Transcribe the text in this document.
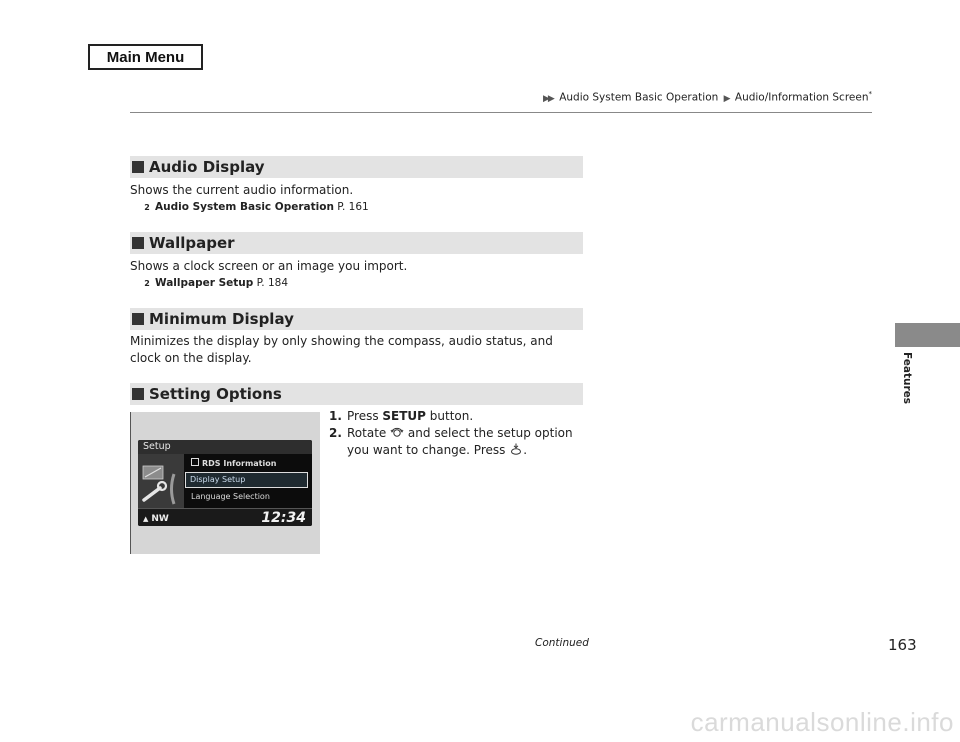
Main Menu
▶▶ Audio System Basic Operation ▶ Audio/Information Screen*
Audio Display
Shows the current audio information.
2 Audio System Basic Operation P. 161
Wallpaper
Shows a clock screen or an image you import.
2 Wallpaper Setup P. 184
Minimum Display
Minimizes the display by only showing the compass, audio status, and clock on the display.
Setting Options
1. Press SETUP button.
2. Rotate  and select the setup option you want to change. Press .
Setup
RDS Information
Display Setup
Language Selection
▲ NW	12:34
Continued	163
Features
carmanualsonline.info
